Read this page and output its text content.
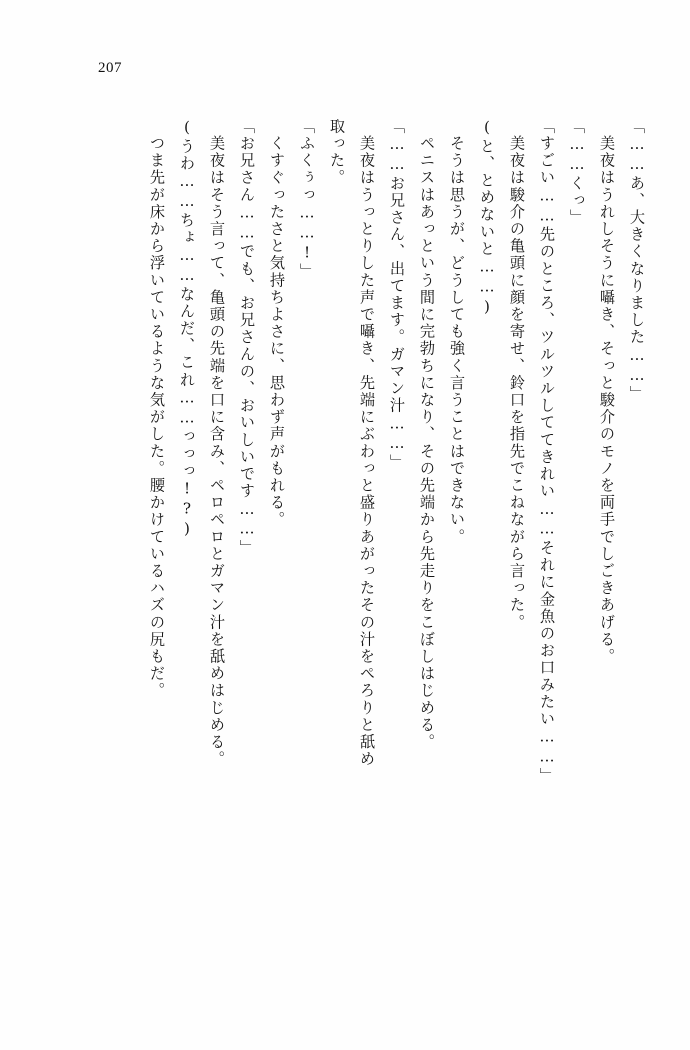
207
「……あ、大きくなりました……」
　美夜はうれしそうに囁き、そっと駿介のモノを両手でしごきあげる。
「……くっ」
「すごい……先のところ、ツルツルしててきれい……それに金魚のお口みたい……」
　美夜は駿介の亀頭に顔を寄せ、鈴口を指先でこねながら言った。
(と、とめないと……)
　そうは思うが、どうしても強く言うことはできない。
　ペニスはあっという間に完勃ちになり、その先端から先走りをこぼしはじめる。
「……お兄さん、出てます。ガマン汁……」
　美夜はうっとりした声で囁き、先端にぶわっと盛りあがったその汁をぺろりと舐め
取った。
「ふくぅっ……!」
　くすぐったさと気持ちよさに、思わず声がもれる。
「お兄さん……でも、お兄さんの、おいしいです……」
　美夜はそう言って、亀頭の先端を口に含み、ペロペロとガマン汁を舐めはじめる。
(うわ……ちょ……なんだ、これ……っっっ!?)
　つま先が床から浮いているような気がした。腰かけているハズの尻もだ。
